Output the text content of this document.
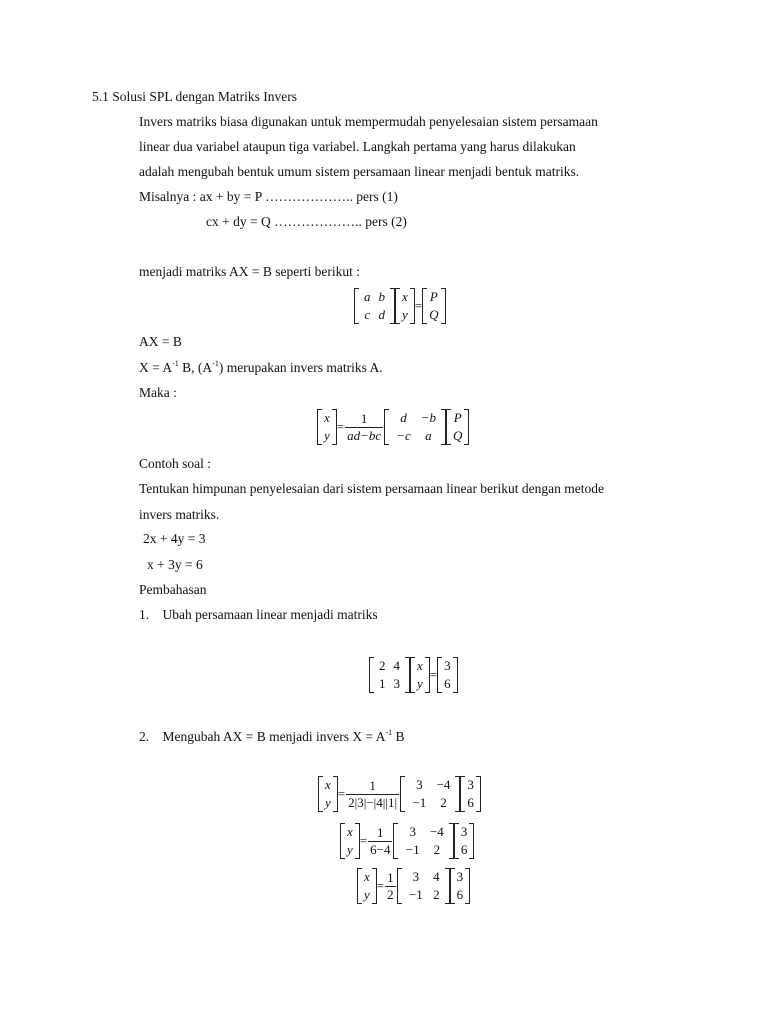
5.1 Solusi SPL dengan Matriks Invers
Invers matriks biasa digunakan untuk mempermudah penyelesaian sistem persamaan
linear dua variabel ataupun tiga variabel. Langkah pertama yang harus dilakukan
adalah mengubah bentuk umum sistem persamaan linear menjadi bentuk matriks.
Misalnya : ax + by = P ……………….. pers (1)
cx + dy = Q ……………….. pers (2)
menjadi matriks AX = B seperti berikut :
a	b
c	d
x
y
=
P
Q
AX = B
$X = A^{-1}$ B, $(A^{-1})$ merupakan invers matriks A.
Maka :
x
y
= $\frac{1}{ad-bc}$ d	−b
−c	a
P
Q
Contoh soal :
Tentukan himpunan penyelesaian dari sistem persamaan linear berikut dengan metode
invers matriks.
2x + 4y = 3
x + 3y = 6
Pembahasan
1. Ubah persamaan linear menjadi matriks
2	4
1	3
x
y
=
3
6
2. Mengubah AX = B menjadi invers $X = A^{-1}$ B
x
y
= $\frac{1}{2|3|-|4||1|} 3$	−4
−1	2
3
6
x
y
= $\frac{1}{6-4} 3$	−4
−1	2
3
6
x
y
= $\frac{1}{2} 3$	4
−1	2
3
6
